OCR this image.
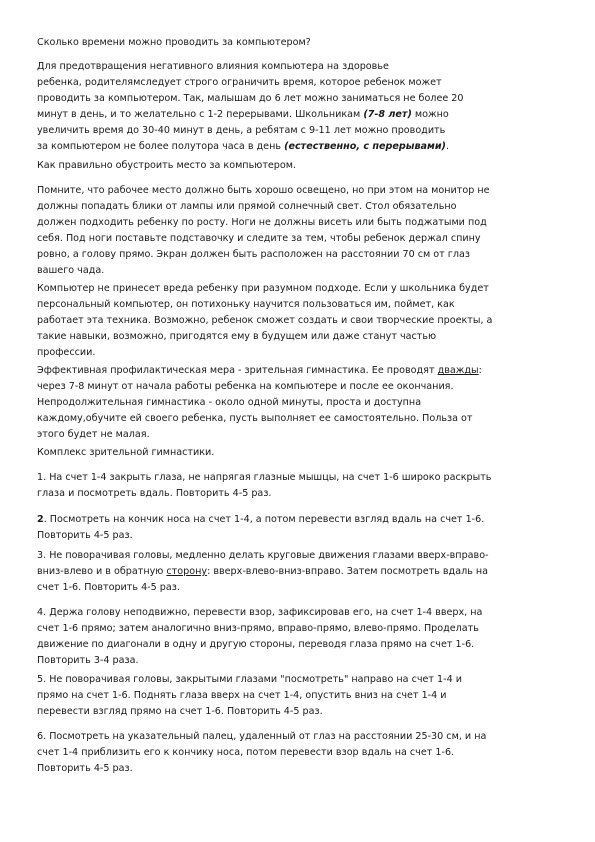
Сколько времени можно проводить за компьютером?
Для предотвращения негативного влияния компьютера на здоровье
ребенка, родителямследует строго ограничить время, которое ребенок может
проводить за компьютером. Так, малышам до 6 лет можно заниматься не более 20
минут в день, и то желательно с 1-2 перерывами. Школьникам (7-8 лет) можно
увеличить время до 30-40 минут в день, а ребятам с 9-11 лет можно проводить
за компьютером не более полутора часа в день (естественно, с перерывами).
Как правильно обустроить место за компьютером.
Помните, что рабочее место должно быть хорошо освещено, но при этом на монитор не
должны попадать блики от лампы или прямой солнечный свет. Стол обязательно
должен подходить ребенку по росту. Ноги не должны висеть или быть поджатыми под
себя. Под ноги поставьте подставочку и следите за тем, чтобы ребенок держал спину
ровно, а голову прямо. Экран должен быть расположен на расстоянии 70 см от глаз
вашего чада.
Компьютер не принесет вреда ребенку при разумном подходе. Если у школьника будет
персональный компьютер, он потихоньку научится пользоваться им, поймет, как
работает эта техника. Возможно, ребенок сможет создать и свои творческие проекты, а
такие навыки, возможно, пригодятся ему в будущем или даже станут частью
профессии.
Эффективная профилактическая мера - зрительная гимнастика. Ее проводят дважды:
через 7-8 минут от начала работы ребенка на компьютере и после ее окончания.
Непродолжительная гимнастика - около одной минуты, проста и доступна
каждому,обучите ей своего ребенка, пусть выполняет ее самостоятельно. Польза от
этого будет не малая.
Комплекс зрительной гимнастики.
1. На счет 1-4 закрыть глаза, не напрягая глазные мышцы, на счет 1-6 широко раскрыть
глаза и посмотреть вдаль. Повторить 4-5 раз.
2. Посмотреть на кончик носа на счет 1-4, а потом перевести взгляд вдаль на счет 1-6.
Повторить 4-5 раз.
3. Не поворачивая головы, медленно делать круговые движения глазами вверх-вправо-
вниз-влево и в обратную сторону: вверх-влево-вниз-вправо. Затем посмотреть вдаль на
счет 1-6. Повторить 4-5 раз.
4. Держа голову неподвижно, перевести взор, зафиксировав его, на счет 1-4 вверх, на
счет 1-6 прямо; затем аналогично вниз-прямо, вправо-прямо, влево-прямо. Проделать
движение по диагонали в одну и другую стороны, переводя глаза прямо на счет 1-6.
Повторить 3-4 раза.
5. Не поворачивая головы, закрытыми глазами "посмотреть" направо на счет 1-4 и
прямо на счет 1-6. Поднять глаза вверх на счет 1-4, опустить вниз на счет 1-4 и
перевести взгляд прямо на счет 1-6. Повторить 4-5 раз.
6. Посмотреть на указательный палец, удаленный от глаз на расстоянии 25-30 см, и на
счет 1-4 приблизить его к кончику носа, потом перевести взор вдаль на счет 1-6.
Повторить 4-5 раз.
